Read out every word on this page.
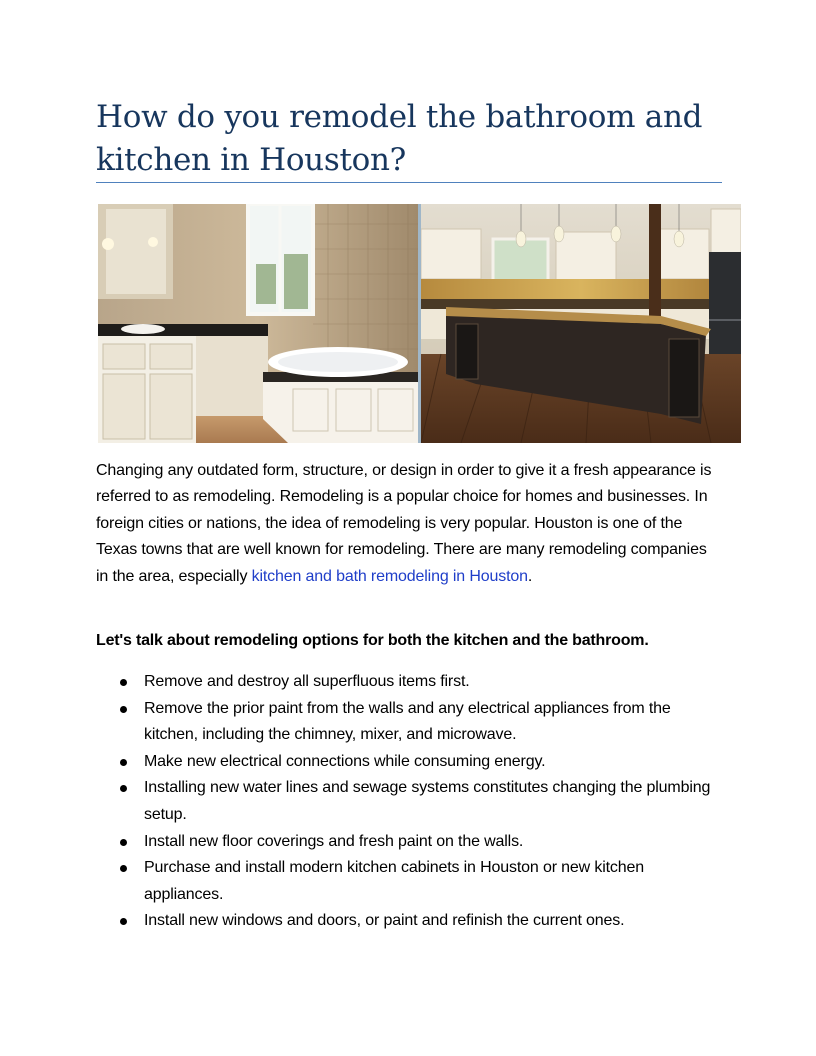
How do you remodel the bathroom and kitchen in Houston?

Changing any outdated form, structure, or design in order to give it a fresh appearance is referred to as remodeling. Remodeling is a popular choice for homes and businesses. In foreign cities or nations, the idea of remodeling is very popular. Houston is one of the Texas towns that are well known for remodeling. There are many remodeling companies in the area, especially kitchen and bath remodeling in Houston.

Let's talk about remodeling options for both the kitchen and the bathroom.

Remove and destroy all superfluous items first.
Remove the prior paint from the walls and any electrical appliances from the kitchen, including the chimney, mixer, and microwave.
Make new electrical connections while consuming energy.
Installing new water lines and sewage systems constitutes changing the plumbing setup.
Install new floor coverings and fresh paint on the walls.
Purchase and install modern kitchen cabinets in Houston or new kitchen appliances.
Install new windows and doors, or paint and refinish the current ones.
